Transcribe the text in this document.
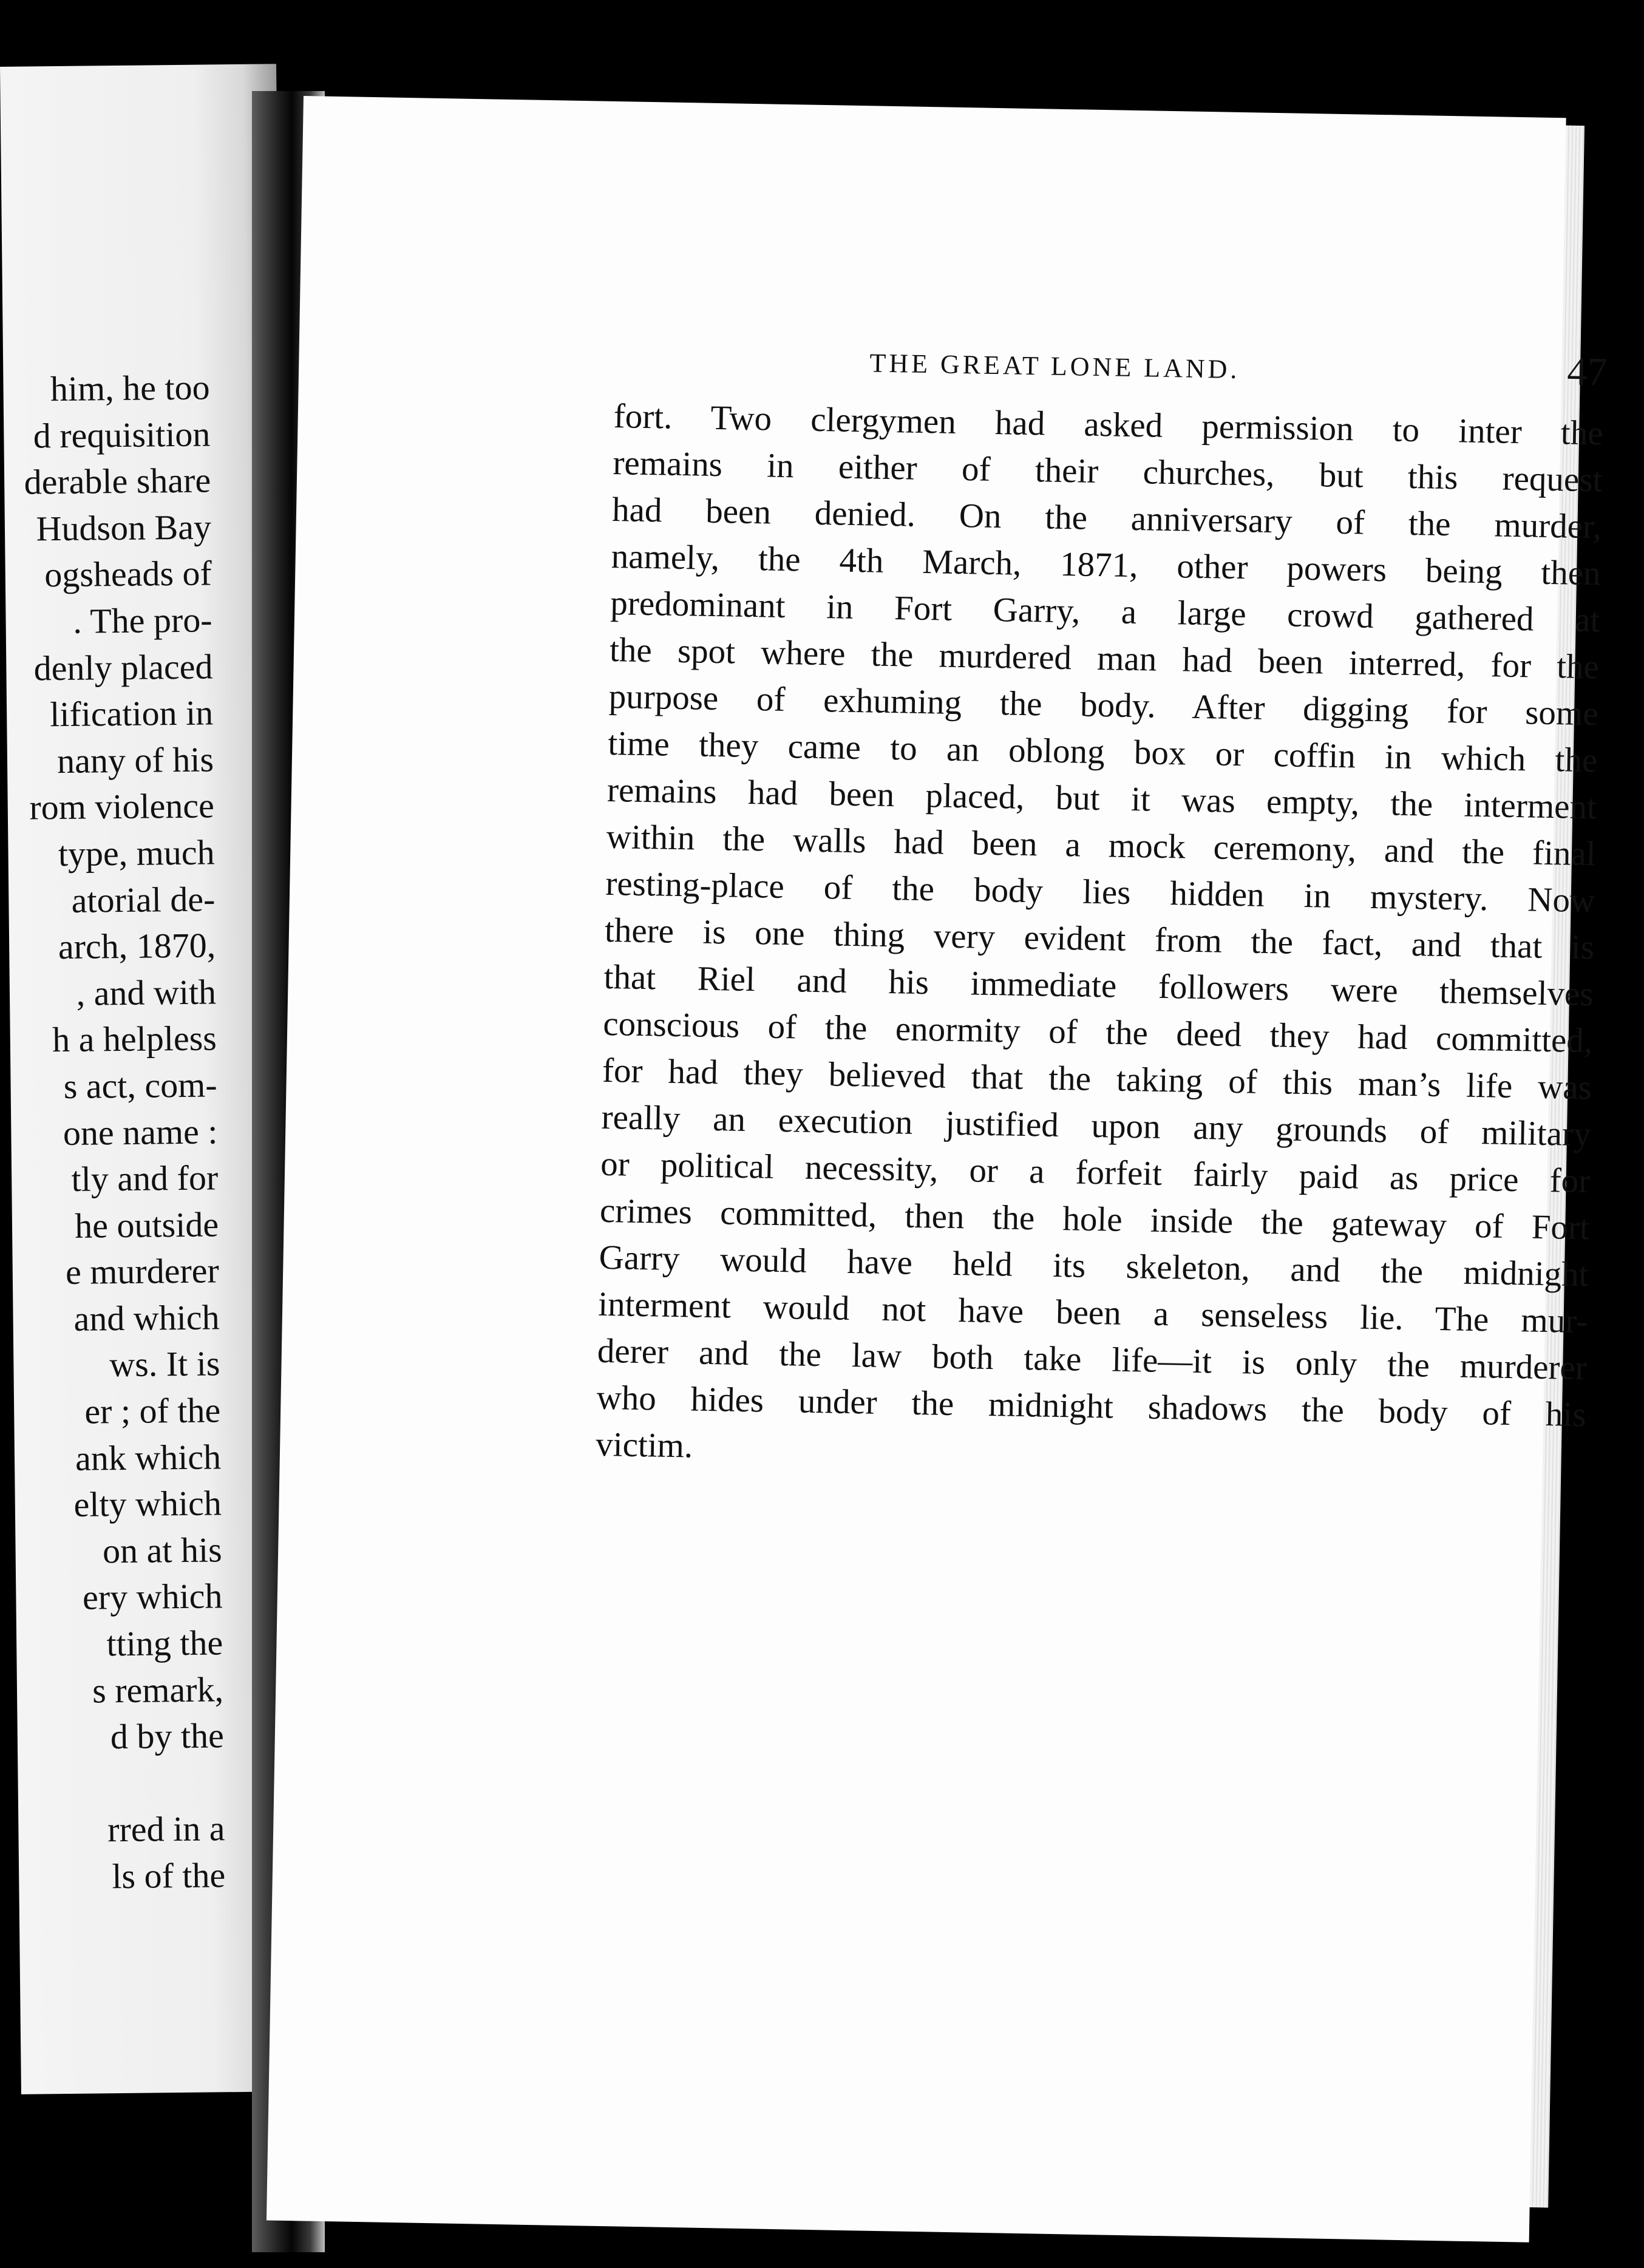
him, he too
d requisition
derable share
Hudson Bay
ogsheads of
. The pro-
denly placed
lification in
nany of his
rom violence
type, much
atorial de-
arch, 1870,
, and with
h a helpless
s act, com-
one name :
tly and for
he outside
e murderer
and which
ws. It is
er ; of the
ank which
elty which
on at his
ery which
tting the
s remark,
d by the
rred in a
ls of the
THE GREAT LONE LAND.	47
fort. Two clergymen had asked permission to inter the
remains in either of their churches, but this request
had been denied. On the anniversary of the murder,
namely, the 4th March, 1871, other powers being then
predominant in Fort Garry, a large crowd gathered at
the spot where the murdered man had been interred, for the
purpose of exhuming the body. After digging for some
time they came to an oblong box or coffin in which the
remains had been placed, but it was empty, the interment
within the walls had been a mock ceremony, and the final
resting-place of the body lies hidden in mystery. Now
there is one thing very evident from the fact, and that is
that Riel and his immediate followers were themselves
conscious of the enormity of the deed they had committed,
for had they believed that the taking of this man’s life was
really an execution justified upon any grounds of military
or political necessity, or a forfeit fairly paid as price for
crimes committed, then the hole inside the gateway of Fort
Garry would have held its skeleton, and the midnight
interment would not have been a senseless lie. The mur-
derer and the law both take life—it is only the murderer
who hides under the midnight shadows the body of his
victim.
